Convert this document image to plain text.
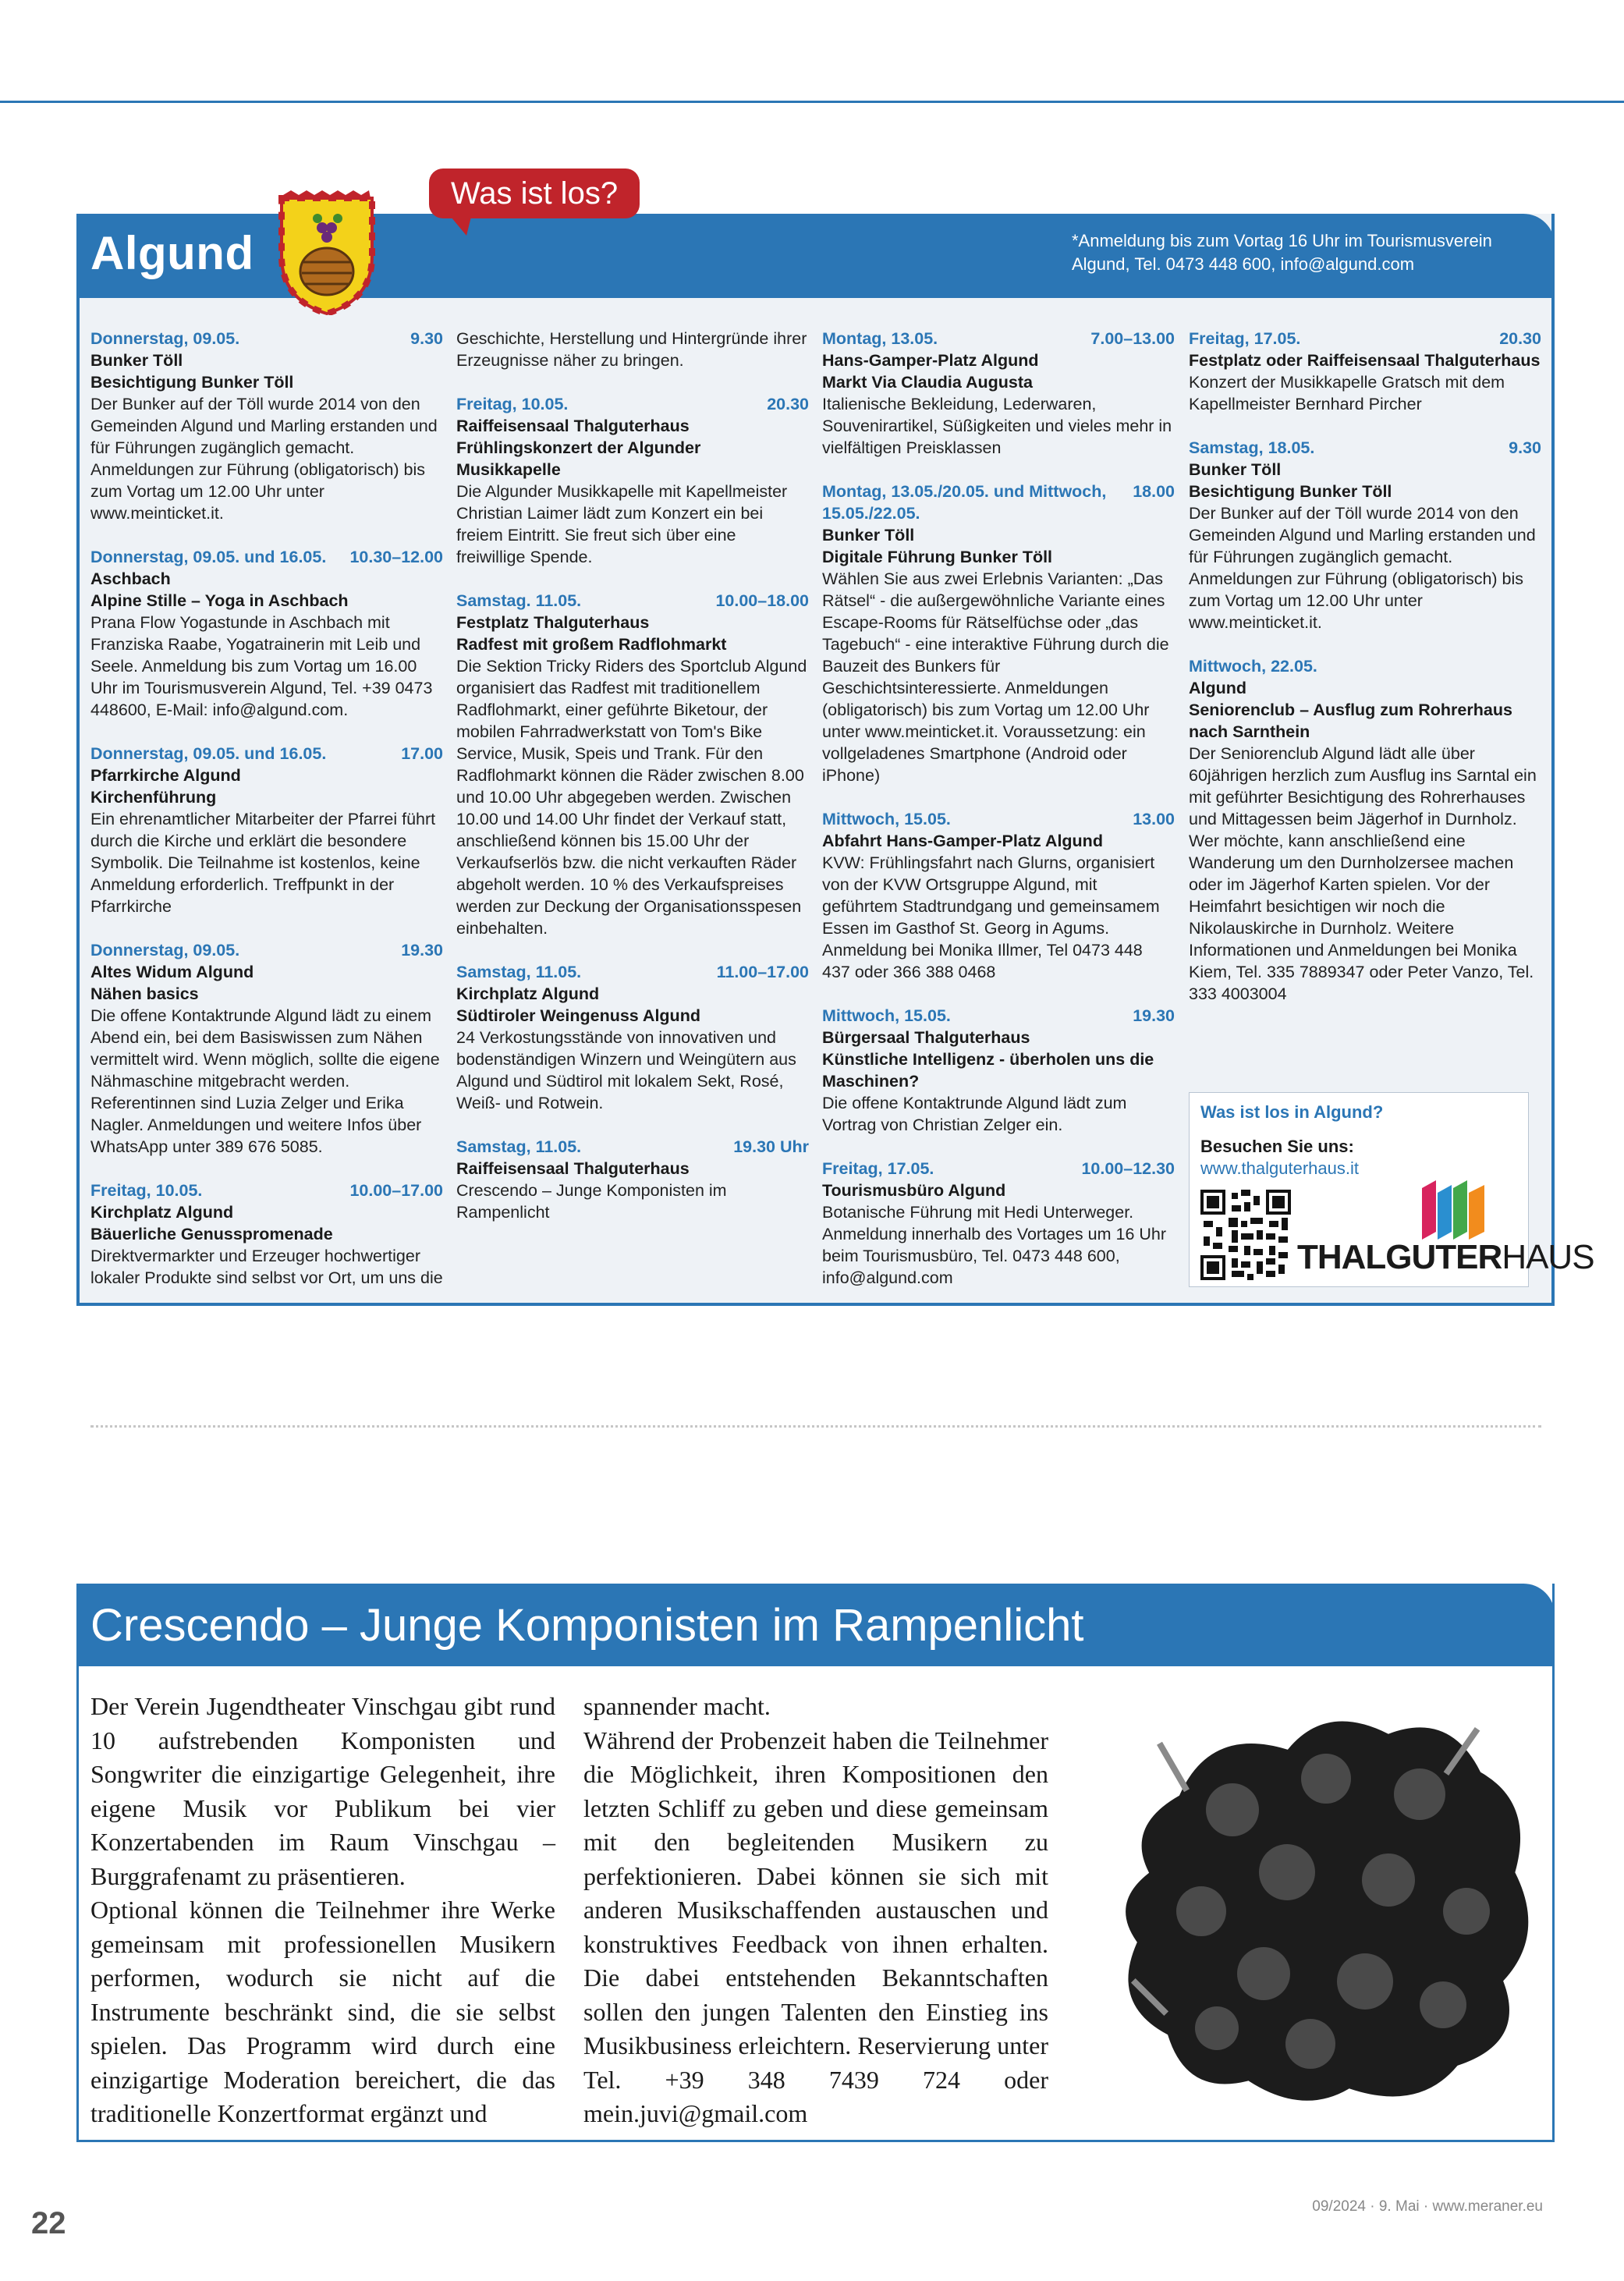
Algund	*Anmeldung bis zum Vortag 16 Uhr im Tourismusverein Algund, Tel. 0473 448 600, info@algund.com
Was ist los?
Donnerstag, 09.05.	9.30
Bunker Töll
Besichtigung Bunker Töll
Der Bunker auf der Töll wurde 2014 von den Gemeinden Algund und Marling erstanden und für Führungen zugänglich gemacht. Anmeldungen zur Führung (obligatorisch) bis zum Vortag um 12.00 Uhr unter www.meinticket.it.
Donnerstag, 09.05. und 16.05. 10.30–12.00
Aschbach
Alpine Stille – Yoga in Aschbach
Prana Flow Yogastunde in Aschbach mit Franziska Raabe, Yogatrainerin mit Leib und Seele. Anmeldung bis zum Vortag um 16.00 Uhr im Tourismusverein Algund, Tel. +39 0473 448600, E-Mail: info@algund.com.
Donnerstag, 09.05. und 16.05.	17.00
Pfarrkirche Algund
Kirchenführung
Ein ehrenamtlicher Mitarbeiter der Pfarrei führt durch die Kirche und erklärt die besondere Symbolik. Die Teilnahme ist kostenlos, keine Anmeldung erforderlich. Treffpunkt in der Pfarrkirche
Donnerstag, 09.05.	19.30
Altes Widum Algund
Nähen basics
Die offene Kontaktrunde Algund lädt zu einem Abend ein, bei dem Basiswissen zum Nähen vermittelt wird. Wenn möglich, sollte die eigene Nähmaschine mitgebracht werden. Referentinnen sind Luzia Zelger und Erika Nagler. Anmeldungen und weitere Infos über WhatsApp unter 389 676 5085.
Freitag, 10.05.	10.00–17.00
Kirchplatz Algund
Bäuerliche Genusspromenade
Direktvermarkter und Erzeuger hochwertiger lokaler Produkte sind selbst vor Ort, um uns die
Geschichte, Herstellung und Hintergründe ihrer Erzeugnisse näher zu bringen.
Freitag, 10.05.	20.30
Raiffeisensaal Thalguterhaus
Frühlingskonzert der Algunder Musikkapelle
Die Algunder Musikkapelle mit Kapellmeister Christian Laimer lädt zum Konzert ein bei freiem Eintritt. Sie freut sich über eine freiwillige Spende.
Samstag. 11.05.	10.00–18.00
Festplatz Thalguterhaus
Radfest mit großem Radflohmarkt
Die Sektion Tricky Riders des Sportclub Algund organisiert das Radfest mit traditionellem Radflohmarkt, einer geführte Biketour, der mobilen Fahrradwerkstatt von Tom's Bike Service, Musik, Speis und Trank. Für den Radflohmarkt können die Räder zwischen 8.00 und 10.00 Uhr abgegeben werden. Zwischen 10.00 und 14.00 Uhr findet der Verkauf statt, anschließend können bis 15.00 Uhr der Verkaufserlös bzw. die nicht verkauften Räder abgeholt werden. 10 % des Verkaufspreises werden zur Deckung der Organisationsspesen einbehalten.
Samstag, 11.05.	11.00–17.00
Kirchplatz Algund
Südtiroler Weingenuss Algund
24 Verkostungsstände von innovativen und bodenständigen Winzern und Weingütern aus Algund und Südtirol mit lokalem Sekt, Rosé, Weiß- und Rotwein.
Samstag, 11.05.	19.30 Uhr
Raiffeisensaal Thalguterhaus
Crescendo – Junge Komponisten im Rampenlicht
Montag, 13.05.	7.00–13.00
Hans-Gamper-Platz Algund
Markt Via Claudia Augusta
Italienische Bekleidung, Lederwaren, Souvenirartikel, Süßigkeiten und vieles mehr in vielfältigen Preisklassen
Montag, 13.05./20.05. und Mittwoch, 15.05./22.05.
18.00
Bunker Töll
Digitale Führung Bunker Töll
Wählen Sie aus zwei Erlebnis Varianten: „Das Rätsel“ - die außergewöhnliche Variante eines Escape-Rooms für Rätselfüchse oder „das Tagebuch“ - eine interaktive Führung durch die Bauzeit des Bunkers für Geschichtsinteressierte. Anmeldungen (obligatorisch) bis zum Vortag um 12.00 Uhr unter www.meinticket.it. Voraussetzung: ein vollgeladenes Smartphone (Android oder iPhone)
Mittwoch, 15.05.	13.00
Abfahrt Hans-Gamper-Platz Algund
KVW: Frühlingsfahrt nach Glurns, organisiert von der KVW Ortsgruppe Algund, mit geführtem Stadtrundgang und gemeinsamem Essen im Gasthof St. Georg in Agums. Anmeldung bei Monika Illmer, Tel 0473 448 437 oder 366 388 0468
Mittwoch, 15.05.	19.30
Bürgersaal Thalguterhaus
Künstliche Intelligenz - überholen uns die Maschinen?
Die offene Kontaktrunde Algund lädt zum Vortrag von Christian Zelger ein.
Freitag, 17.05.	10.00–12.30
Tourismusbüro Algund
Botanische Führung mit Hedi Unterweger. Anmeldung innerhalb des Vortages um 16 Uhr beim Tourismusbüro, Tel. 0473 448 600, info@algund.com
Freitag, 17.05.	20.30
Festplatz oder Raiffeisensaal Thalguterhaus
Konzert der Musikkapelle Gratsch mit dem Kapellmeister Bernhard Pircher
Samstag, 18.05.	9.30
Bunker Töll
Besichtigung Bunker Töll
Der Bunker auf der Töll wurde 2014 von den Gemeinden Algund und Marling erstanden und für Führungen zugänglich gemacht. Anmeldungen zur Führung (obligatorisch) bis zum Vortag um 12.00 Uhr unter www.meinticket.it.
Mittwoch, 22.05.
Algund
Seniorenclub – Ausflug zum Rohrerhaus nach Sarnthein
Der Seniorenclub Algund lädt alle über 60jährigen herzlich zum Ausflug ins Sarntal ein mit geführter Besichtigung des Rohrerhauses und Mittagessen beim Jägerhof in Durnholz. Wer möchte, kann anschließend eine Wanderung um den Durnholzersee machen oder im Jägerhof Karten spielen. Vor der Heimfahrt besichtigen wir noch die Nikolauskirche in Durnholz. Weitere Informationen und Anmeldungen bei Monika Kiem, Tel. 335 7889347 oder Peter Vanzo, Tel. 333 4003004
Was ist los in Algund?
Besuchen Sie uns:
www.thalguterhaus.it
THALGUTERHAUS
Crescendo – Junge Komponisten im Rampenlicht

Der Verein Jugendtheater Vinschgau gibt rund 10 aufstrebenden Komponisten und Songwriter die einzigartige Gelegenheit, ihre eigene Musik vor Publikum bei vier Konzertabenden im Raum Vinschgau – Burggrafenamt zu präsentieren.

Optional können die Teilnehmer ihre Werke gemeinsam mit professionellen Musikern performen, wodurch sie nicht auf die Instrumente beschränkt sind, die sie selbst spielen. Das Programm wird durch eine einzigartige Moderation bereichert, die das traditionelle Konzertformat ergänzt und

spannender macht.

Während der Probenzeit haben die Teilnehmer die Möglichkeit, ihren Kompositionen den letzten Schliff zu geben und diese gemeinsam mit den begleitenden Musikern zu perfektionieren. Dabei können sie sich mit anderen Musikschaffenden austauschen und konstruktives Feedback von ihnen erhalten. Die dabei entstehenden Bekanntschaften sollen den jungen Talenten den Einstieg ins Musikbusiness erleichtern. Reservierung unter Tel. +39 348 7439 724 oder mein.juvi@gmail.com

22	09/2024 · 9. Mai · www.meraner.eu
